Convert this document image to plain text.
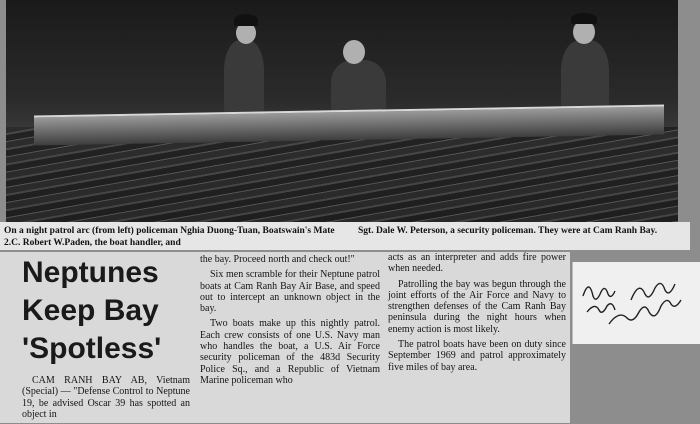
On a night patrol arc (from left) policeman Nghia Duong-Tuan, Boatswain's Mate 2.C. Robert W.Paden, the boat handler, and
Sgt. Dale W. Peterson, a security policeman. They were at Cam Ranh Bay.
Neptunes
Keep Bay
'Spotless'

CAM RANH BAY AB, Vietnam (Special) — "Defense Control to Neptune 19, be advised Oscar 39 has spotted an object in

the bay. Proceed north and check out!"

Six men scramble for their Neptune patrol boats at Cam Ranh Bay Air Base, and speed out to intercept an unknown object in the bay.

Two boats make up this nightly patrol. Each crew consists of one U.S. Navy man who handles the boat, a U.S. Air Force security policeman of the 483d Security Police Sq., and a Republic of Vietnam Marine policeman who

acts as an interpreter and adds fire power when needed.

Patrolling the bay was begun through the joint efforts of the Air Force and Navy to strengthen defenses of the Cam Ranh Bay peninsula during the night hours when enemy action is most likely.

The patrol boats have been on duty since September 1969 and patrol approximately five miles of bay area.
